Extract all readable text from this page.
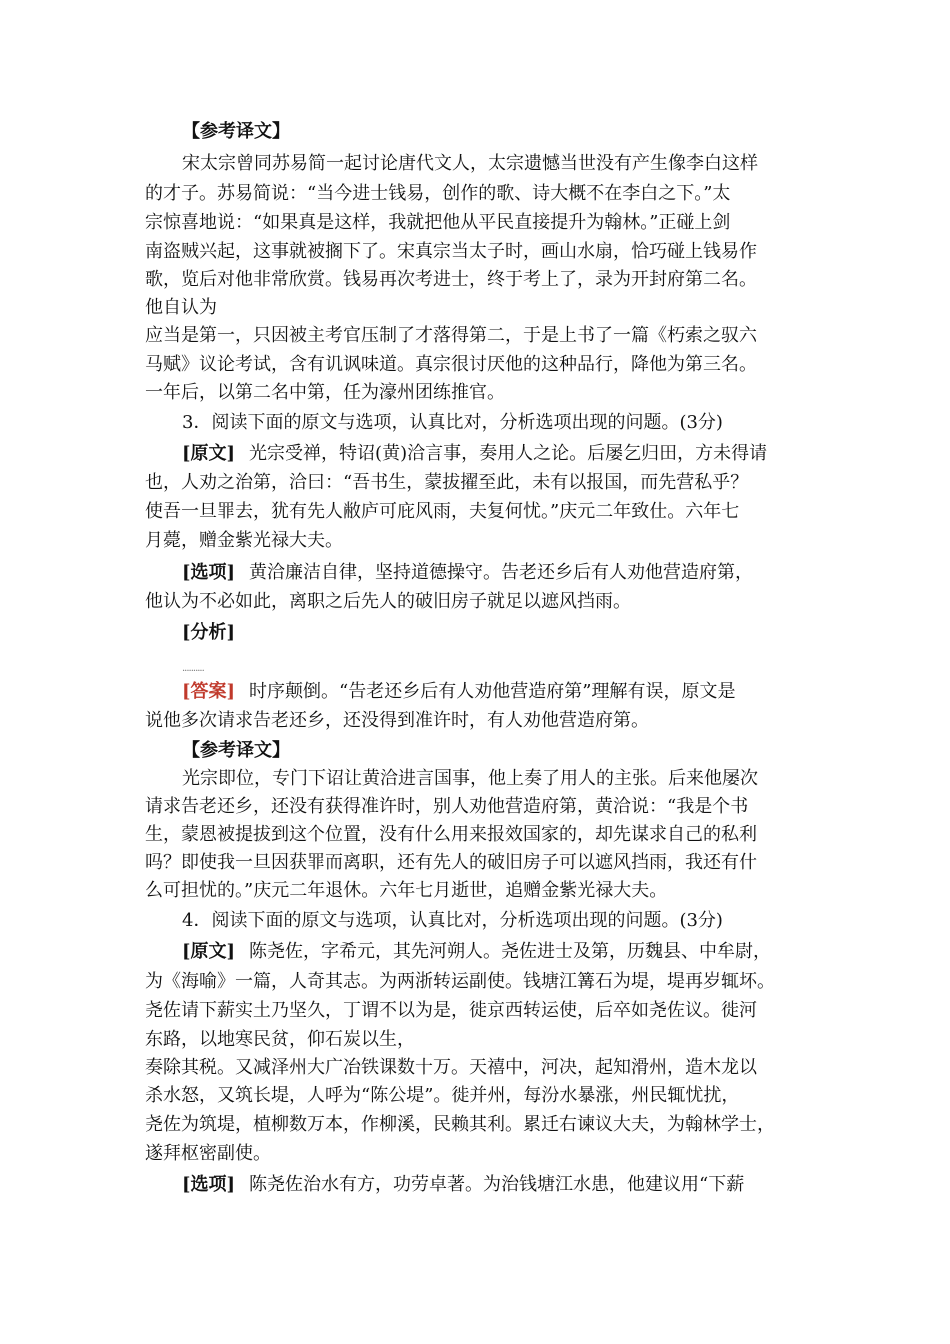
【参考译文】
宋太宗曾同苏易简一起讨论唐代文人，太宗遗憾当世没有产生像李白这样
的才子。苏易简说：“当今进士钱易，创作的歌、诗大概不在李白之下。”太
宗惊喜地说：“如果真是这样，我就把他从平民直接提升为翰林。”正碰上剑
南盗贼兴起，这事就被搁下了。宋真宗当太子时，画山水扇，恰巧碰上钱易作
歌，览后对他非常欣赏。钱易再次考进士，终于考上了，录为开封府第二名。
他自认为
应当是第一，只因被主考官压制了才落得第二，于是上书了一篇《朽索之驭六
马赋》议论考试，含有讥讽味道。真宗很讨厌他的这种品行，降他为第三名。
一年后，以第二名中第，任为濠州团练推官。
3．阅读下面的原文与选项，认真比对，分析选项出现的问题。(3分)
[原文] 光宗受禅，特诏(黄)洽言事，奏用人之论。后屡乞归田，方未得请
也，人劝之治第，洽曰：“吾书生，蒙拔擢至此，未有以报国，而先营私乎？
使吾一旦罪去，犹有先人敝庐可庇风雨，夫复何忧。”庆元二年致仕。六年七
月薨，赠金紫光禄大夫。
[选项] 黄洽廉洁自律，坚持道德操守。告老还乡后有人劝他营造府第，
他认为不必如此，离职之后先人的破旧房子就足以遮风挡雨。
[分析]
..........
[答案] 时序颠倒。“告老还乡后有人劝他营造府第”理解有误，原文是
说他多次请求告老还乡，还没得到准许时，有人劝他营造府第。
【参考译文】
光宗即位，专门下诏让黄洽进言国事，他上奏了用人的主张。后来他屡次
请求告老还乡，还没有获得准许时，别人劝他营造府第，黄洽说：“我是个书
生，蒙恩被提拔到这个位置，没有什么用来报效国家的，却先谋求自己的私利
吗？即使我一旦因获罪而离职，还有先人的破旧房子可以遮风挡雨，我还有什
么可担忧的。”庆元二年退休。六年七月逝世，追赠金紫光禄大夫。
4．阅读下面的原文与选项，认真比对，分析选项出现的问题。(3分)
[原文] 陈尧佐，字希元，其先河朔人。尧佐进士及第，历魏县、中牟尉，
为《海喻》一篇，人奇其志。为两浙转运副使。钱塘江篝石为堤，堤再岁辄坏。
尧佐请下薪实土乃坚久，丁谓不以为是，徙京西转运使，后卒如尧佐议。徙河
东路，以地寒民贫，仰石炭以生，
奏除其税。又减泽州大广冶铁课数十万。天禧中，河决，起知滑州，造木龙以
杀水怒，又筑长堤，人呼为“陈公堤”。徙并州，每汾水暴涨，州民辄忧扰，
尧佐为筑堤，植柳数万本，作柳溪，民赖其利。累迁右谏议大夫，为翰林学士，
遂拜枢密副使。
[选项] 陈尧佐治水有方，功劳卓著。为治钱塘江水患，他建议用“下薪
